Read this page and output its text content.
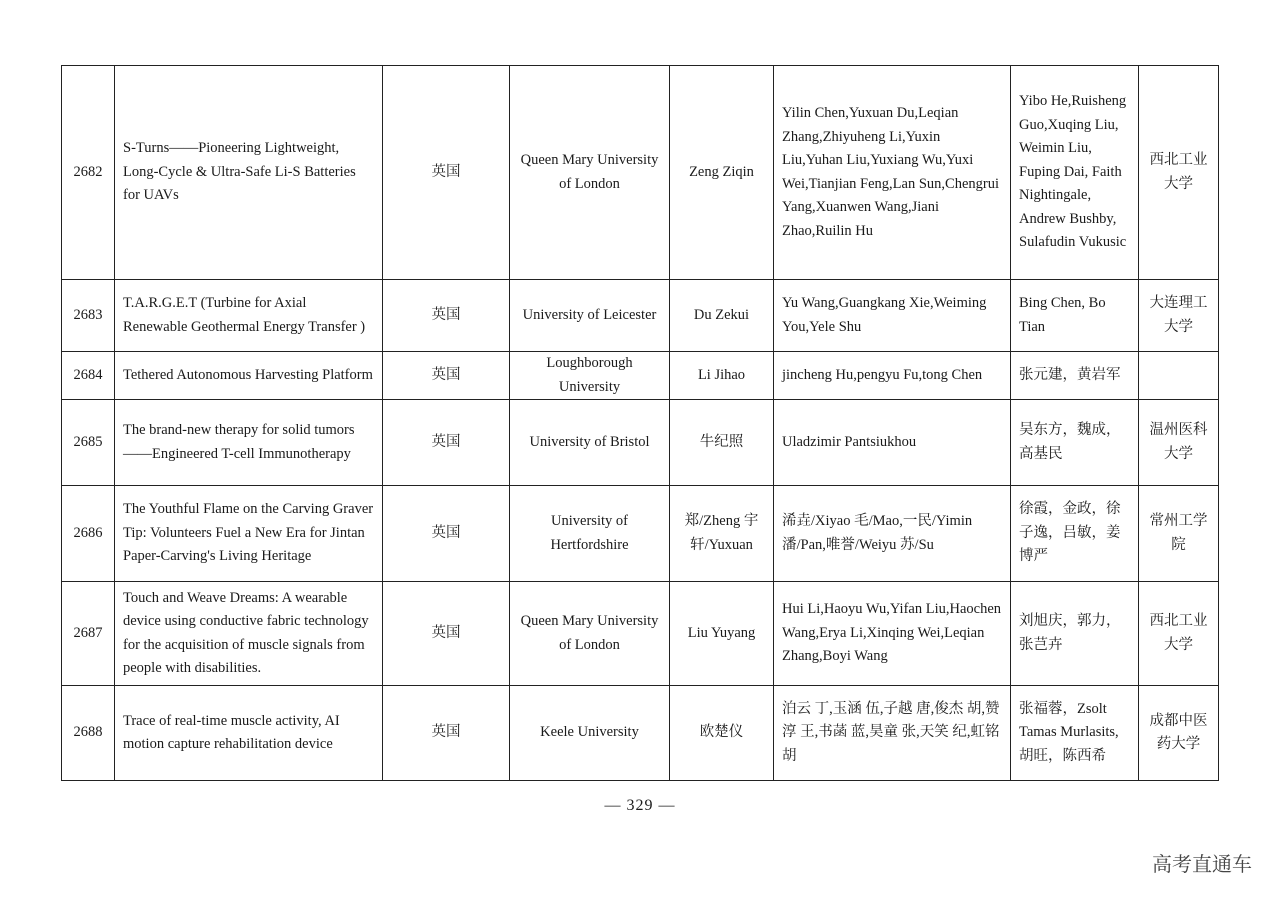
2682	S-Turns——Pioneering Lightweight, Long-Cycle & Ultra-Safe Li-S Batteries for UAVs	英国	Queen Mary University of London	Zeng Ziqin	Yilin Chen,Yuxuan Du,Leqian Zhang,Zhiyuheng Li,Yuxin Liu,Yuhan Liu,Yuxiang Wu,Yuxi Wei,Tianjian Feng,Lan Sun,Chengrui Yang,Xuanwen Wang,Jiani Zhao,Ruilin Hu	Yibo He,Ruisheng Guo,Xuqing Liu, Weimin Liu, Fuping Dai, Faith Nightingale, Andrew Bushby, Sulafudin Vukusic	西北工业大学
2683	T.A.R.G.E.T (Turbine for Axial Renewable Geothermal Energy Transfer )	英国	University of Leicester	Du Zekui	Yu Wang,Guangkang Xie,Weiming You,Yele Shu	Bing Chen, Bo Tian	大连理工大学
2684	Tethered Autonomous Harvesting Platform	英国	Loughborough University	Li Jihao	jincheng Hu,pengyu Fu,tong Chen	张元建，黄岩军	
2685	The brand-new therapy for solid tumors——Engineered T-cell Immunotherapy	英国	University of Bristol	牛纪照	Uladzimir Pantsiukhou	吴东方，魏成，高基民	温州医科大学
2686	The Youthful Flame on the Carving Graver Tip: Volunteers Fuel a New Era for Jintan Paper-Carving's Living Heritage	英国	University of Hertfordshire	郑/Zheng 宇轩/Yuxuan	浠垚/Xiyao 毛/Mao,一民/Yimin 潘/Pan,唯誉/Weiyu 苏/Su	徐霞，金政，徐子逸，吕敏，姜博严	常州工学院
2687	Touch and Weave Dreams: A wearable device using conductive fabric technology for the acquisition of muscle signals from people with disabilities.	英国	Queen Mary University of London	Liu Yuyang	Hui Li,Haoyu Wu,Yifan Liu,Haochen Wang,Erya Li,Xinqing Wei,Leqian Zhang,Boyi Wang	刘旭庆，郭力，张芑卉	西北工业大学
2688	Trace of real-time muscle activity, AI motion capture rehabilitation device	英国	Keele University	欧楚仪	泊云 丁,玉涵 伍,子越 唐,俊杰 胡,赞淳 王,书菡 蓝,昊童 张,天笑 纪,虹铭 胡	张福蓉，Zsolt Tamas Murlasits,胡旺，陈西希	成都中医药大学
— 329 —
高考直通车
